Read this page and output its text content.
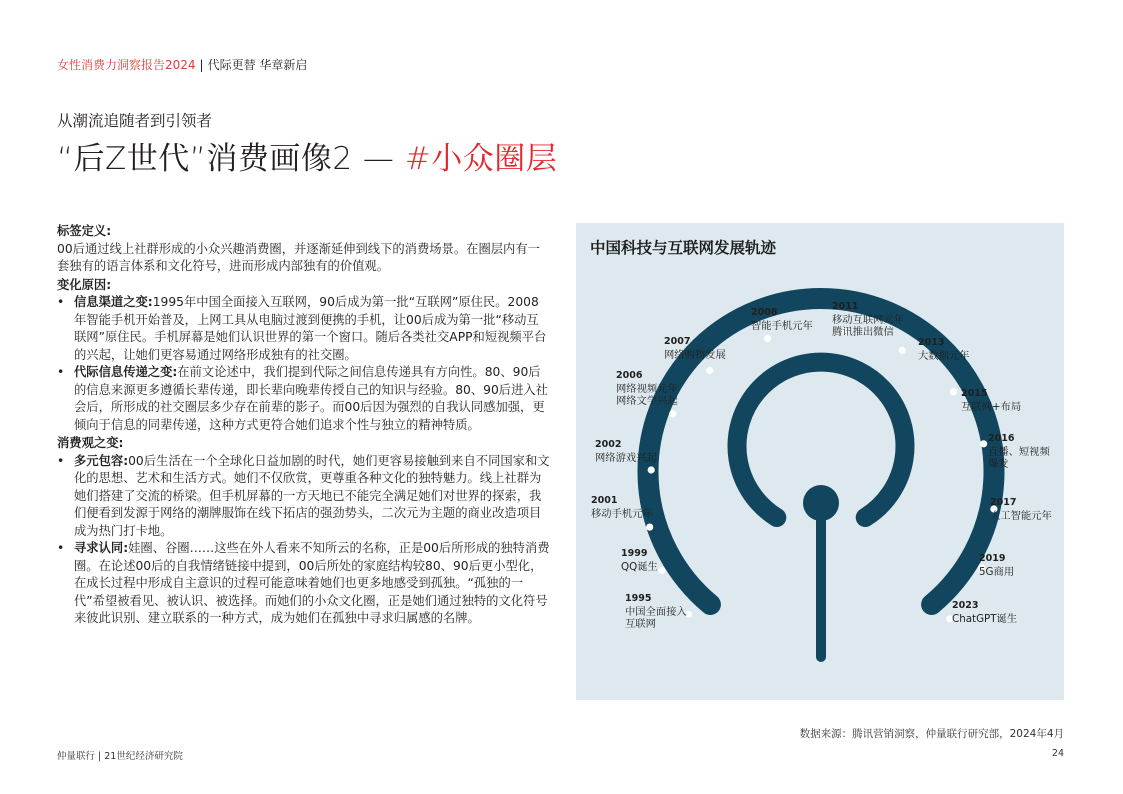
女性消费力洞察报告2024 | 代际更替 华章新启
从潮流追随者到引领者
“后Z世代”消费画像2 — #小众圈层

标签定义:

00后通过线上社群形成的小众兴趣消费圈，并逐渐延伸到线下的消费场景。在圈层内有一套独有的语言体系和文化符号，进而形成内部独有的价值观。

变化原因:

• 信息渠道之变:1995年中国全面接入互联网，90后成为第一批“互联网”原住民。2008年智能手机开始普及，上网工具从电脑过渡到便携的手机，让00后成为第一批“移动互联网”原住民。手机屏幕是她们认识世界的第一个窗口。随后各类社交APP和短视频平台的兴起，让她们更容易通过网络形成独有的社交圈。
• 代际信息传递之变:在前文论述中，我们提到代际之间信息传递具有方向性。80、90后的信息来源更多遵循长辈传递，即长辈向晚辈传授自己的知识与经验。80、90后进入社会后，所形成的社交圈层多少存在前辈的影子。而00后因为强烈的自我认同感加强，更倾向于信息的同辈传递，这种方式更符合她们追求个性与独立的精神特质。

消费观之变:

• 多元包容:00后生活在一个全球化日益加剧的时代，她们更容易接触到来自不同国家和文化的思想、艺术和生活方式。她们不仅欣赏，更尊重各种文化的独特魅力。线上社群为她们搭建了交流的桥梁。但手机屏幕的一方天地已不能完全满足她们对世界的探索，我们便看到发源于网络的潮牌服饰在线下拓店的强劲势头，二次元为主题的商业改造项目成为热门打卡地。
• 寻求认同:娃圈、谷圈……这些在外人看来不知所云的名称，正是00后所形成的独特消费圈。在论述00后的自我情绪链接中提到，00后所处的家庭结构较80、90后更小型化，在成长过程中形成自主意识的过程可能意味着她们也更多地感受到孤独。“孤独的一代”希望被看见、被认识、被选择。而她们的小众文化圈，正是她们通过独特的文化符号来彼此识别、建立联系的一种方式，成为她们在孤独中寻求归属感的名牌。
中国科技与互联网发展轨迹
1995
中国全面接入
互联网
1999
QQ诞生
2001
移动手机元年
2002
网络游戏兴起
2006
网络视频元年
网络文学兴起
2007
网络购物发展
2008
智能手机元年
2011
移动互联网元年
腾讯推出微信
2013
大数据元年
2015
互联网+布局
2016
直播、短视频
爆发
2017
人工智能元年
2019
5G商用
2023
ChatGPT诞生
数据来源：腾讯营销洞察，仲量联行研究部，2024年4月
仲量联行 | 21世纪经济研究院	24
